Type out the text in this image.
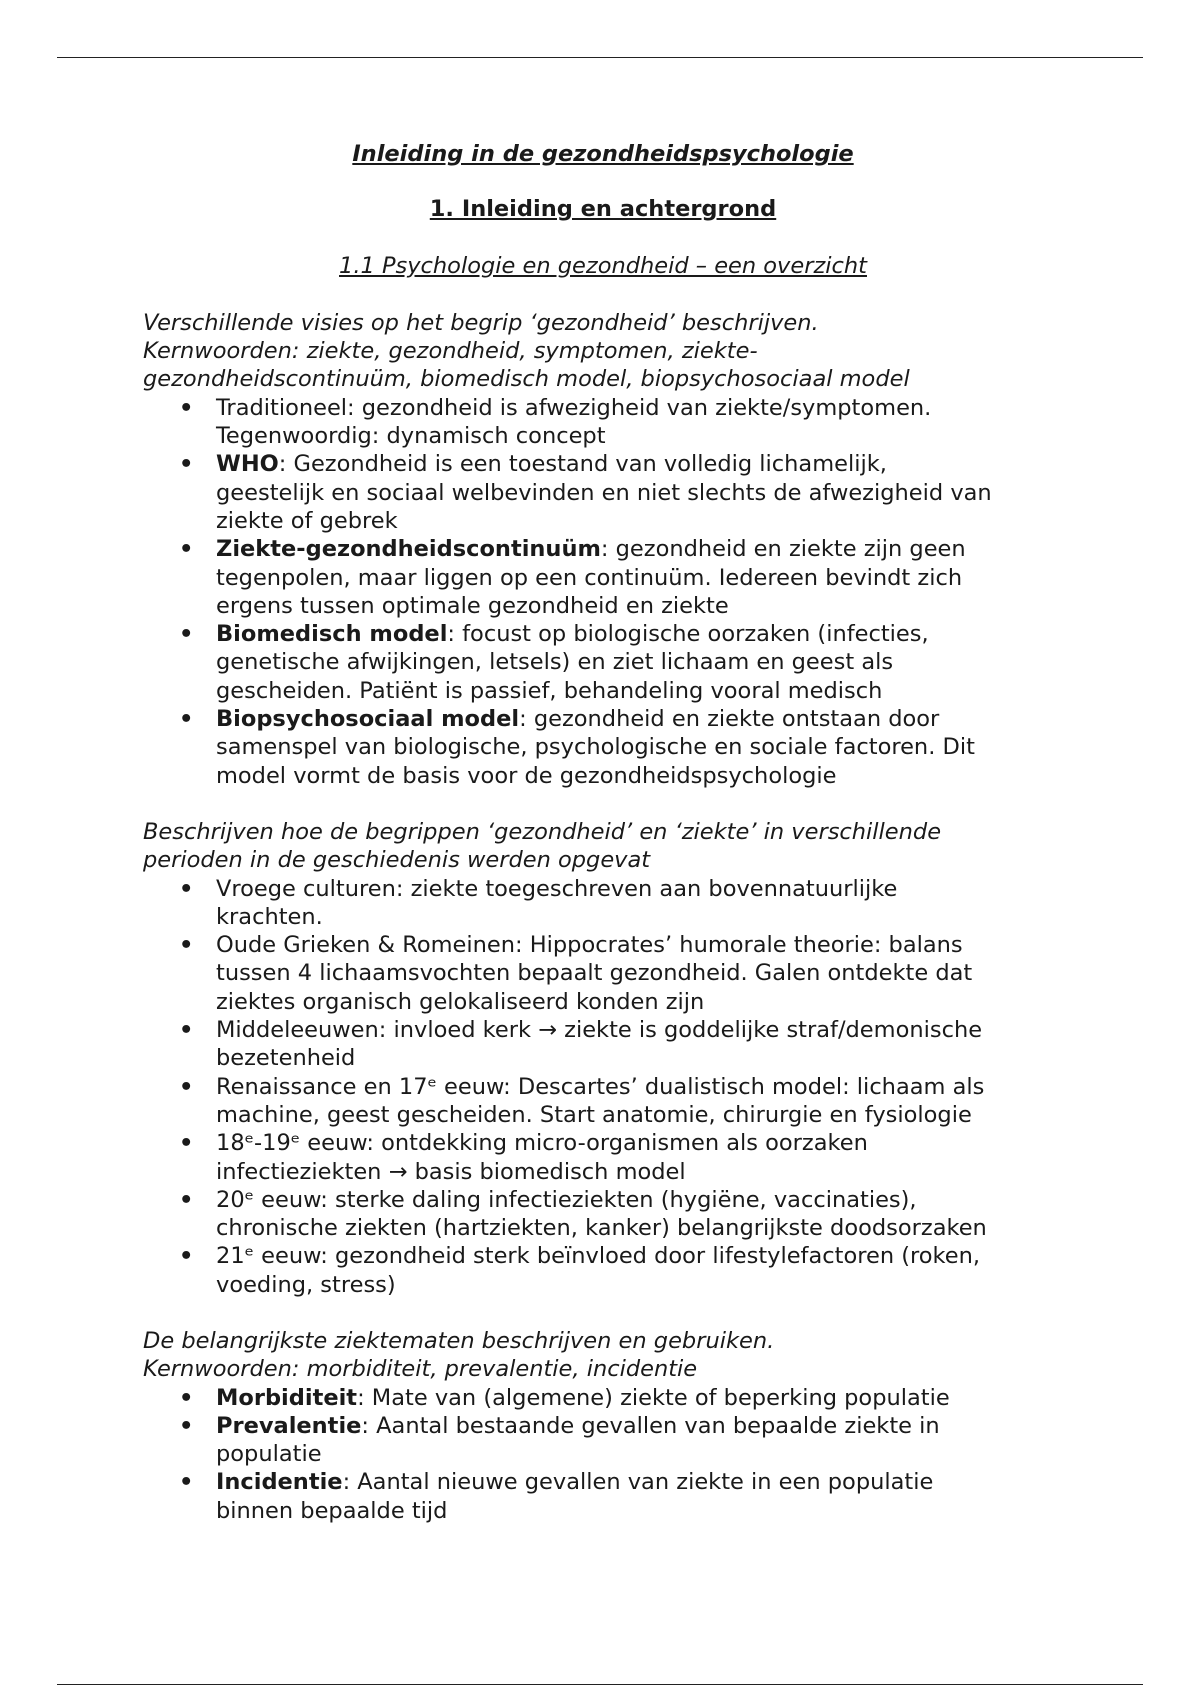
Inleiding in de gezondheidspsychologie

1. Inleiding en achtergrond

1.1 Psychologie en gezondheid – een overzicht

Verschillende visies op het begrip ‘gezondheid’ beschrijven.
Kernwoorden: ziekte, gezondheid, symptomen, ziekte-
gezondheidscontinuüm, biomedisch model, biopsychosociaal model
• Traditioneel: gezondheid is afwezigheid van ziekte/symptomen.
Tegenwoordig: dynamisch concept
• WHO: Gezondheid is een toestand van volledig lichamelijk,
geestelijk en sociaal welbevinden en niet slechts de afwezigheid van
ziekte of gebrek
• Ziekte-gezondheidscontinuüm: gezondheid en ziekte zijn geen
tegenpolen, maar liggen op een continuüm. Iedereen bevindt zich
ergens tussen optimale gezondheid en ziekte
• Biomedisch model: focust op biologische oorzaken (infecties,
genetische afwijkingen, letsels) en ziet lichaam en geest als
gescheiden. Patiënt is passief, behandeling vooral medisch
• Biopsychosociaal model: gezondheid en ziekte ontstaan door
samenspel van biologische, psychologische en sociale factoren. Dit
model vormt de basis voor de gezondheidspsychologie
Beschrijven hoe de begrippen ‘gezondheid’ en ‘ziekte’ in verschillende
perioden in de geschiedenis werden opgevat
• Vroege culturen: ziekte toegeschreven aan bovennatuurlijke
krachten.
• Oude Grieken & Romeinen: Hippocrates’ humorale theorie: balans
tussen 4 lichaamsvochten bepaalt gezondheid. Galen ontdekte dat
ziektes organisch gelokaliseerd konden zijn
• Middeleeuwen: invloed kerk → ziekte is goddelijke straf/demonische
bezetenheid
• Renaissance en 17ᵉ eeuw: Descartes’ dualistisch model: lichaam als
machine, geest gescheiden. Start anatomie, chirurgie en fysiologie
• 18ᵉ-19ᵉ eeuw: ontdekking micro-organismen als oorzaken
infectieziekten → basis biomedisch model
• 20ᵉ eeuw: sterke daling infectieziekten (hygiëne, vaccinaties),
chronische ziekten (hartziekten, kanker) belangrijkste doodsorzaken
• 21ᵉ eeuw: gezondheid sterk beïnvloed door lifestylefactoren (roken,
voeding, stress)
De belangrijkste ziektematen beschrijven en gebruiken.
Kernwoorden: morbiditeit, prevalentie, incidentie
• Morbiditeit: Mate van (algemene) ziekte of beperking populatie
• Prevalentie: Aantal bestaande gevallen van bepaalde ziekte in
populatie
• Incidentie: Aantal nieuwe gevallen van ziekte in een populatie
binnen bepaalde tijd
